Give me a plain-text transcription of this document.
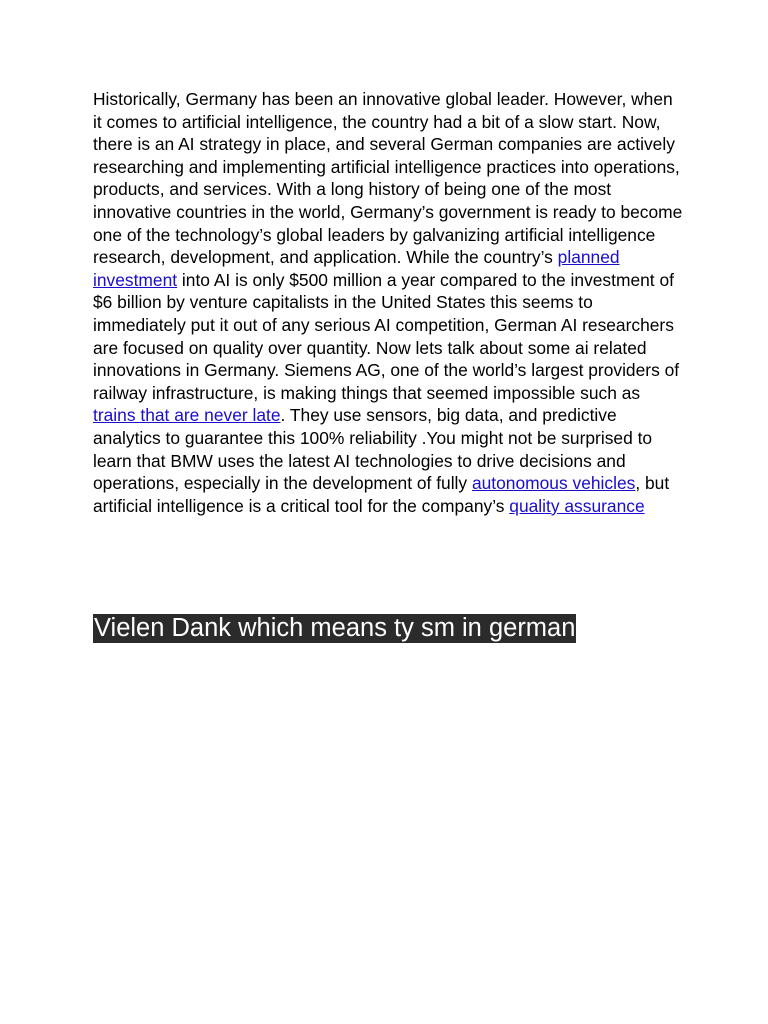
Historically, Germany has been an innovative global leader. However, when it comes to artificial intelligence, the country had a bit of a slow start. Now, there is an AI strategy in place, and several German companies are actively researching and implementing artificial intelligence practices into operations, products, and services. With a long history of being one of the most innovative countries in the world, Germany’s government is ready to become one of the technology’s global leaders by galvanizing artificial intelligence research, development, and application. While the country’s planned investment into AI is only $500 million a year compared to the investment of $6 billion by venture capitalists in the United States this seems to immediately put it out of any serious AI competition, German AI researchers are focused on quality over quantity. Now lets talk about some ai related innovations in Germany. Siemens AG, one of the world’s largest providers of railway infrastructure, is making things that seemed impossible such as trains that are never late. They use sensors, big data, and predictive analytics to guarantee this 100% reliability .You might not be surprised to learn that BMW uses the latest AI technologies to drive decisions and operations, especially in the development of fully autonomous vehicles, but artificial intelligence is a critical tool for the company’s quality assurance

Vielen Dank which means ty sm in german
